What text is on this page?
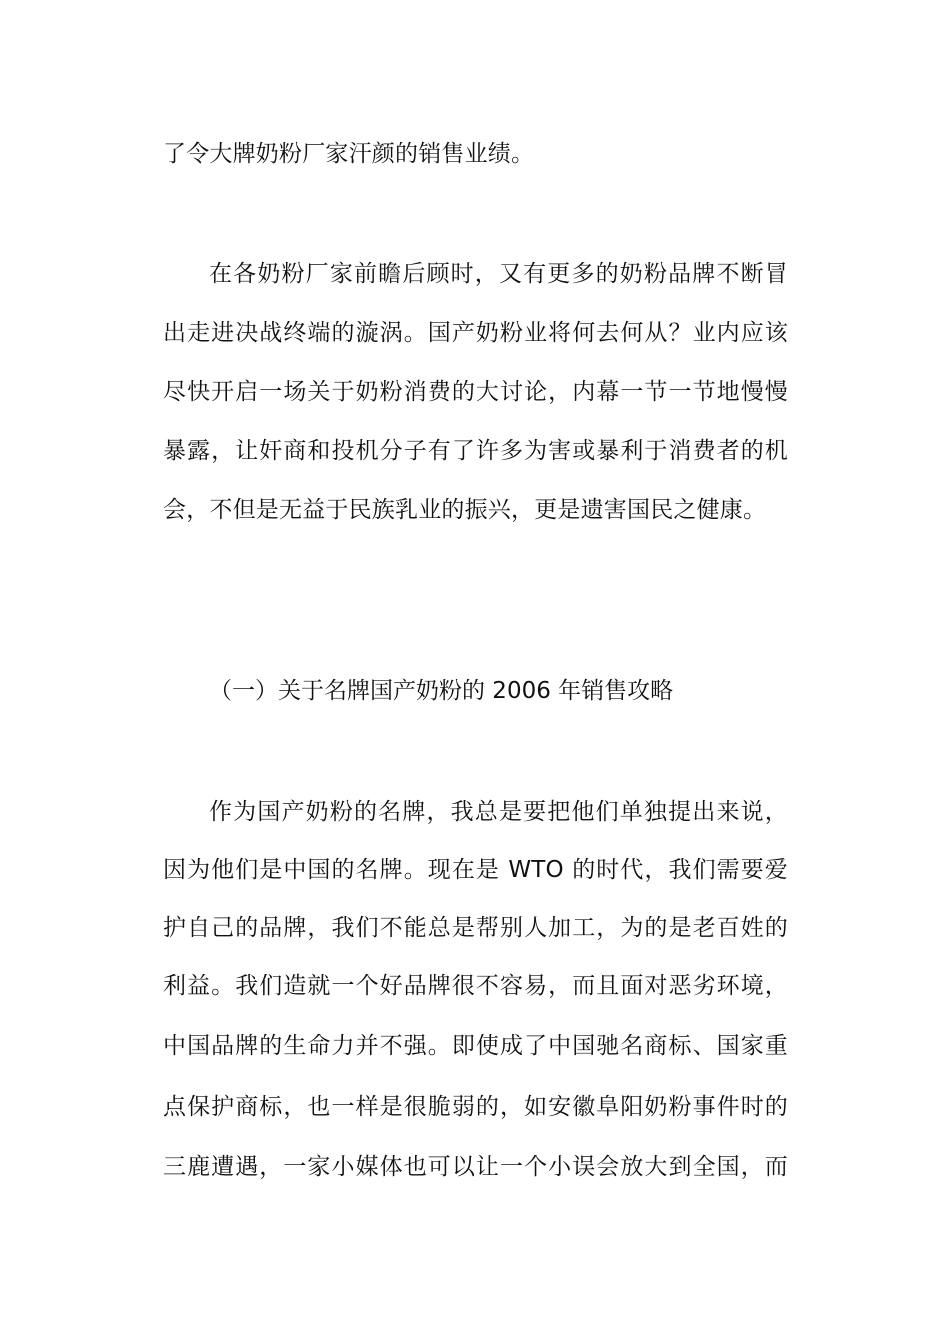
了令大牌奶粉厂家汗颜的销售业绩。
在各奶粉厂家前瞻后顾时，又有更多的奶粉品牌不断冒
出走进决战终端的漩涡。国产奶粉业将何去何从？业内应该
尽快开启一场关于奶粉消费的大讨论，内幕一节一节地慢慢
暴露，让奸商和投机分子有了许多为害或暴利于消费者的机
会，不但是无益于民族乳业的振兴，更是遗害国民之健康。
（一）关于名牌国产奶粉的 2006 年销售攻略
作为国产奶粉的名牌，我总是要把他们单独提出来说，
因为他们是中国的名牌。现在是 WTO 的时代，我们需要爱
护自己的品牌，我们不能总是帮别人加工，为的是老百姓的
利益。我们造就一个好品牌很不容易，而且面对恶劣环境，
中国品牌的生命力并不强。即使成了中国驰名商标、国家重
点保护商标，也一样是很脆弱的，如安徽阜阳奶粉事件时的
三鹿遭遇，一家小媒体也可以让一个小误会放大到全国，而
